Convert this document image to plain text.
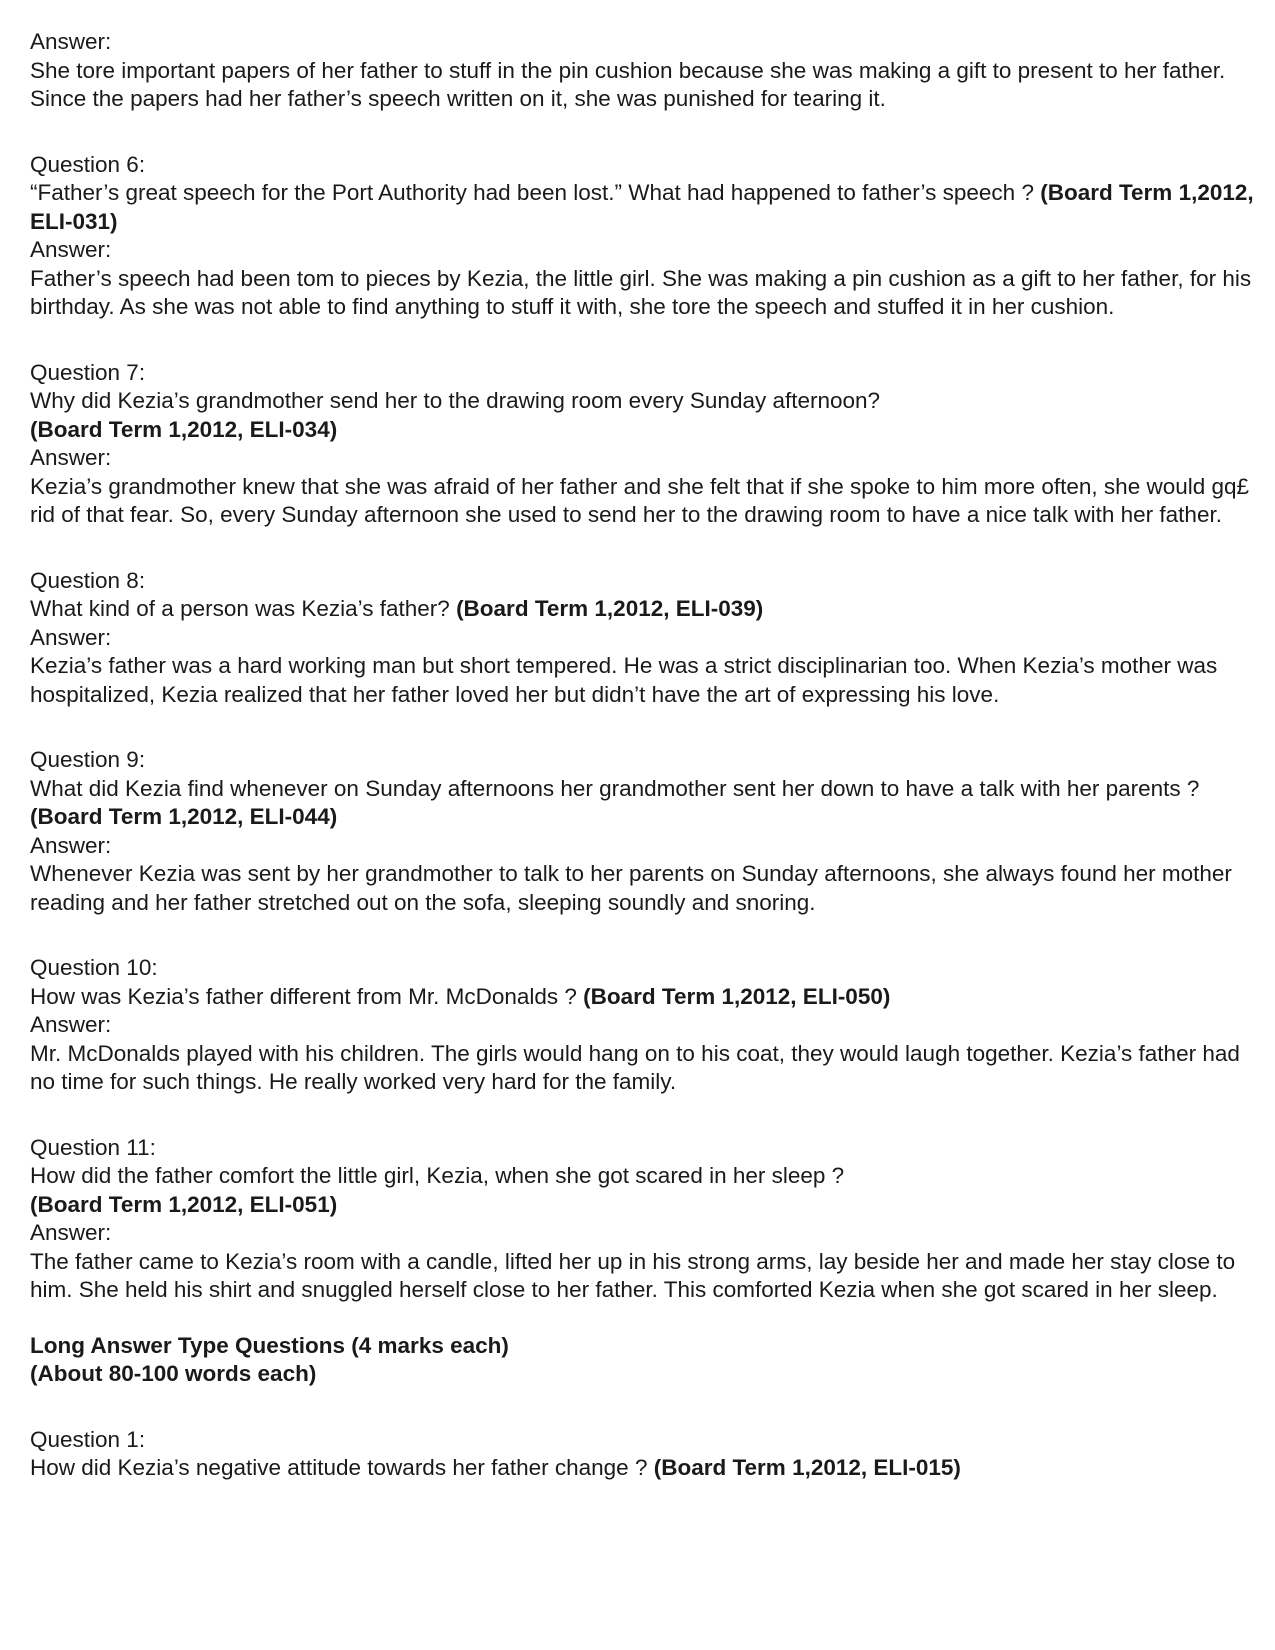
Answer:

She tore important papers of her father to stuff in the pin cushion because she was making a gift to present to her father. Since the papers had her father’s speech written on it, she was punished for tearing it.

Question 6:

“Father’s great speech for the Port Authority had been lost.” What had happened to father’s speech ? (Board Term 1,2012, ELI-031)

Answer:

Father’s speech had been tom to pieces by Kezia, the little girl. She was making a pin cushion as a gift to her father, for his birthday. As she was not able to find anything to stuff it with, she tore the speech and stuffed it in her cushion.

Question 7:

Why did Kezia’s grandmother send her to the drawing room every Sunday afternoon?

(Board Term 1,2012, ELI-034)

Answer:

Kezia’s grandmother knew that she was afraid of her father and she felt that if she spoke to him more often, she would gq£ rid of that fear. So, every Sunday afternoon she used to send her to the drawing room to have a nice talk with her father.

Question 8:

What kind of a person was Kezia’s father? (Board Term 1,2012, ELI-039)

Answer:

Kezia’s father was a hard working man but short tempered. He was a strict disciplinarian too. When Kezia’s mother was hospitalized, Kezia realized that her father loved her but didn’t have the art of expressing his love.

Question 9:

What did Kezia find whenever on Sunday afternoons her grandmother sent her down to have a talk with her parents ?

(Board Term 1,2012, ELI-044)

Answer:

Whenever Kezia was sent by her grandmother to talk to her parents on Sunday afternoons, she always found her mother reading and her father stretched out on the sofa, sleeping soundly and snoring.

Question 10:

How was Kezia’s father different from Mr. McDonalds ? (Board Term 1,2012, ELI-050)

Answer:

Mr. McDonalds played with his children. The girls would hang on to his coat, they would laugh together. Kezia’s father had no time for such things. He really worked very hard for the family.

Question 11:

How did the father comfort the little girl, Kezia, when she got scared in her sleep ?

(Board Term 1,2012, ELI-051)

Answer:

The father came to Kezia’s room with a candle, lifted her up in his strong arms, lay beside her and made her stay close to him. She held his shirt and snuggled herself close to her father. This comforted Kezia when she got scared in her sleep.

Long Answer Type Questions (4 marks each)

(About 80-100 words each)

Question 1:

How did Kezia’s negative attitude towards her father change ? (Board Term 1,2012, ELI-015)
